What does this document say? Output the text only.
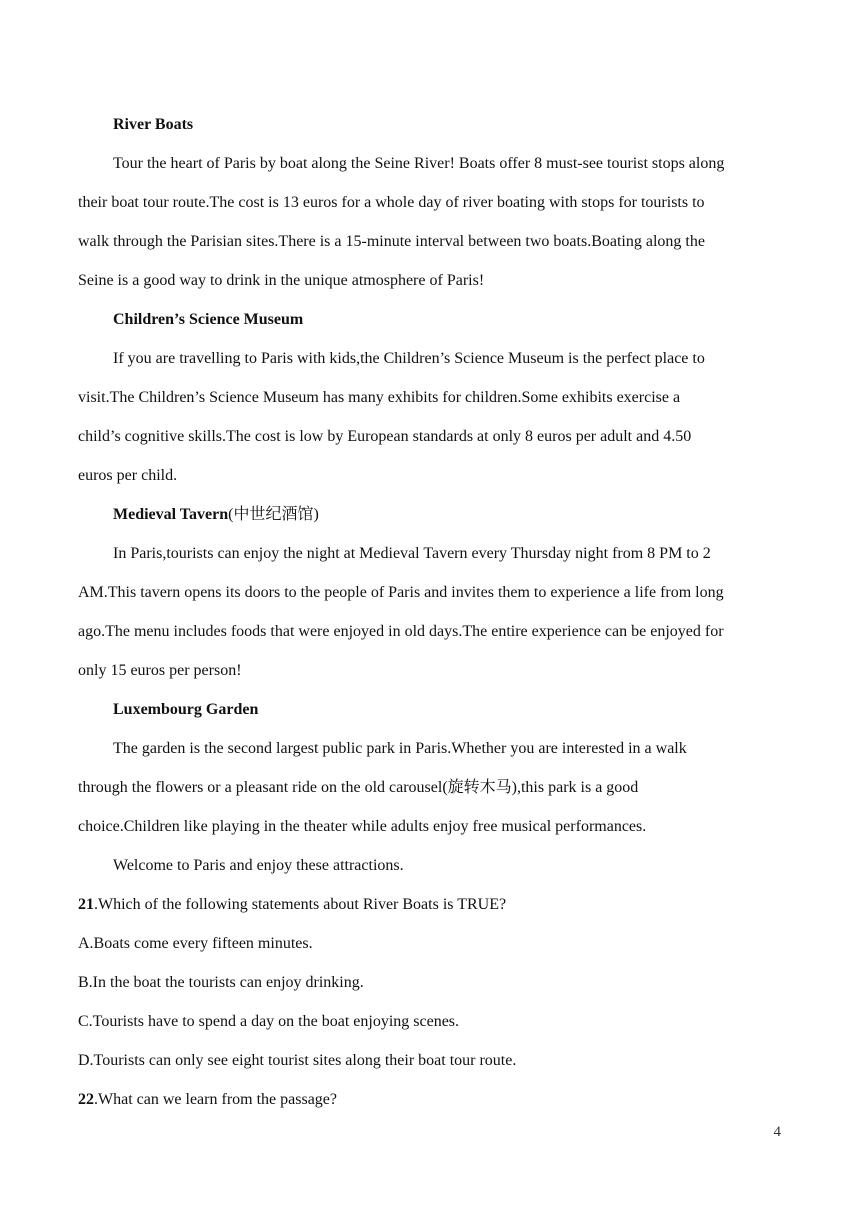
River Boats
Tour the heart of Paris by boat along the Seine River! Boats offer 8 must-see tourist stops along
their boat tour route.The cost is 13 euros for a whole day of river boating with stops for tourists to
walk through the Parisian sites.There is a 15-minute interval between two boats.Boating along the
Seine is a good way to drink in the unique atmosphere of Paris!
Children’s Science Museum
If you are travelling to Paris with kids,the Children’s Science Museum is the perfect place to
visit.The Children’s Science Museum has many exhibits for children.Some exhibits exercise a
child’s cognitive skills.The cost is low by European standards at only 8 euros per adult and 4.50
euros per child.
Medieval Tavern(中世纪酒馆)
In Paris,tourists can enjoy the night at Medieval Tavern every Thursday night from 8 PM to 2
AM.This tavern opens its doors to the people of Paris and invites them to experience a life from long
ago.The menu includes foods that were enjoyed in old days.The entire experience can be enjoyed for
only 15 euros per person!
Luxembourg Garden
The garden is the second largest public park in Paris.Whether you are interested in a walk
through the flowers or a pleasant ride on the old carousel(旋转木马),this park is a good
choice.Children like playing in the theater while adults enjoy free musical performances.
Welcome to Paris and enjoy these attractions.
21.Which of the following statements about River Boats is TRUE?
A.Boats come every fifteen minutes.
B.In the boat the tourists can enjoy drinking.
C.Tourists have to spend a day on the boat enjoying scenes.
D.Tourists can only see eight tourist sites along their boat tour route.
22.What can we learn from the passage?
4
